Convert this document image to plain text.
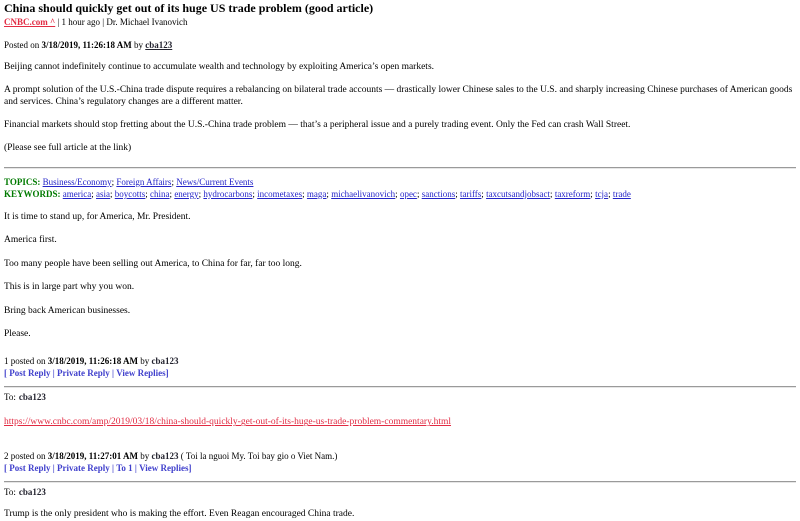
China should quickly get out of its huge US trade problem (good article)
CNBC.com ^ | 1 hour ago | Dr. Michael Ivanovich
Posted on 3/18/2019, 11:26:18 AM by cba123

Beijing cannot indefinitely continue to accumulate wealth and technology by exploiting America’s open markets.

A prompt solution of the U.S.-China trade dispute requires a rebalancing on bilateral trade accounts — drastically lower Chinese sales to the U.S. and sharply increasing Chinese purchases of American goods and services. China’s regulatory changes are a different matter.

Financial markets should stop fretting about the U.S.-China trade problem — that’s a peripheral issue and a purely trading event. Only the Fed can crash Wall Street.

(Please see full article at the link)

TOPICS: Business/Economy ; Foreign Affairs ; News/Current Events
KEYWORDS: america ; asia ; boycotts ; china ; energy ; hydrocarbons ; incometaxes ; maga ; michaelivanovich ; opec ; sanctions ; tariffs ; taxcutsandjobsact ; taxreform ; tcja ; trade

It is time to stand up, for America, Mr. President.

America first.

Too many people have been selling out America, to China for far, far too long.

This is in large part why you won.

Bring back American businesses.

Please.

1 posted on 3/18/2019, 11:26:18 AM by cba123
[ Post Reply | Private Reply | View Replies ]
To: cba123
https://www.cnbc.com/amp/2019/03/18/china-should-quickly-get-out-of-its-huge-us-trade-problem-commentary.html
2 posted on 3/18/2019, 11:27:01 AM by cba123 ( Toi la nguoi My. Toi bay gio o Viet Nam.)
[ Post Reply | Private Reply | To 1 | View Replies ]
To: cba123

Trump is the only president who is making the effort. Even Reagan encouraged China trade.
